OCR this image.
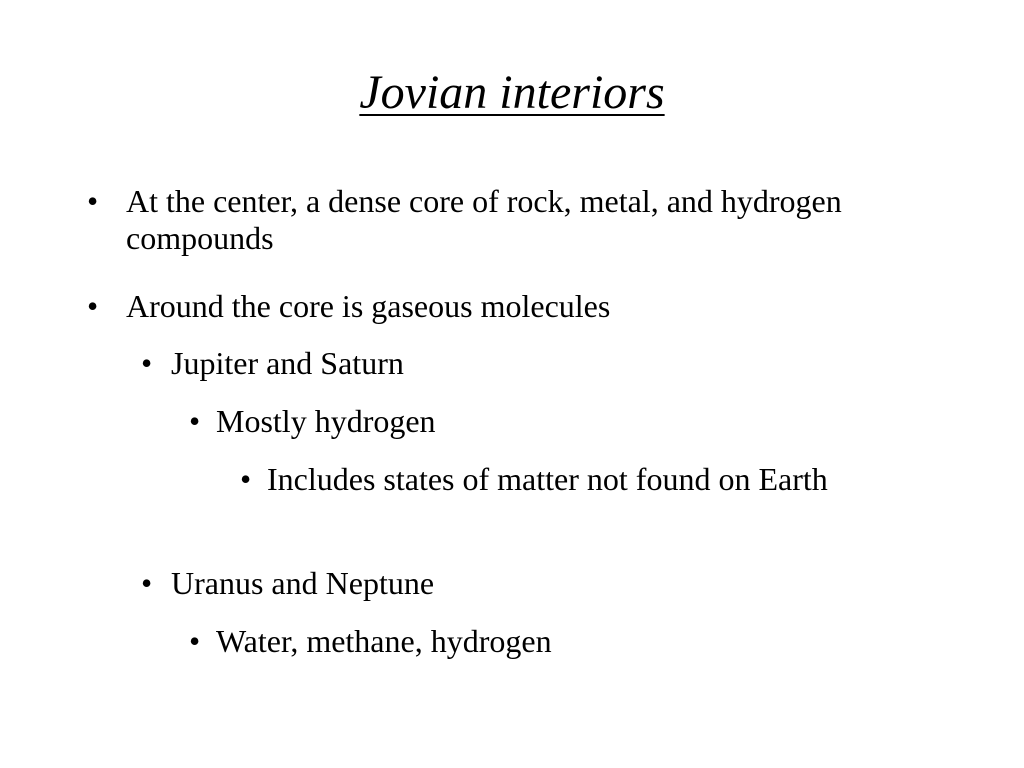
Jovian interiors
• At the center, a dense core of rock, metal, and hydrogen compounds
• Around the core is gaseous molecules
• Jupiter and Saturn
• Mostly hydrogen
• Includes states of matter not found on Earth
• Uranus and Neptune
• Water, methane, hydrogen
